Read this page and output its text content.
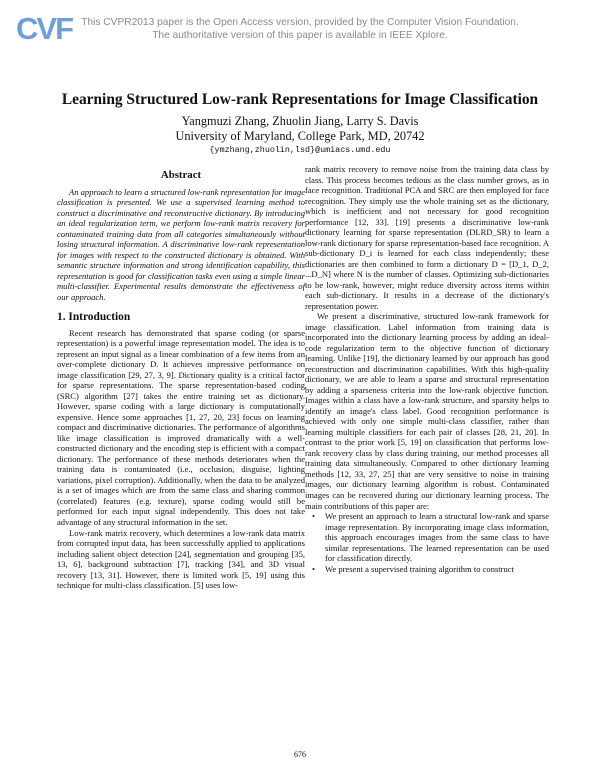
CVF This CVPR2013 paper is the Open Access version, provided by the Computer Vision Foundation.
The authoritative version of this paper is available in IEEE Xplore.
Learning Structured Low-rank Representations for Image Classification
Yangmuzi Zhang, Zhuolin Jiang, Larry S. Davis
University of Maryland, College Park, MD, 20742
{ymzhang,zhuolin,lsd}@umiacs.umd.edu
Abstract

An approach to learn a structured low-rank representation for image classification is presented. We use a supervised learning method to construct a discriminative and reconstructive dictionary. By introducing an ideal regularization term, we perform low-rank matrix recovery for contaminated training data from all categories simultaneously without losing structural information. A discriminative low-rank representation for images with respect to the constructed dictionary is obtained. With semantic structure information and strong identification capability, this representation is good for classification tasks even using a simple linear multi-classifier. Experimental results demonstrate the effectiveness of our approach.

1. Introduction

Recent research has demonstrated that sparse coding (or sparse representation) is a powerful image representation model. The idea is to represent an input signal as a linear combination of a few items from an over-complete dictionary D. It achieves impressive performance on image classification [29, 27, 3, 9]. Dictionary quality is a critical factor for sparse representations. The sparse representation-based coding (SRC) algorithm [27] takes the entire training set as dictionary. However, sparse coding with a large dictionary is computationally expensive. Hence some approaches [1, 27, 20, 23] focus on learning compact and discriminative dictionaries. The performance of algorithms like image classification is improved dramatically with a well-constructed dictionary and the encoding step is efficient with a compact dictionary. The performance of these methods deteriorates when the training data is contaminated (i.e., occlusion, disguise, lighting variations, pixel corruption). Additionally, when the data to be analyzed is a set of images which are from the same class and sharing common (correlated) features (e.g. texture), sparse coding would still be performed for each input signal independently. This does not take advantage of any structural information in the set.

Low-rank matrix recovery, which determines a low-rank data matrix from corrupted input data, has been successfully applied to applications including salient object detection [24], segmentation and grouping [35, 13, 6], background subtraction [7], tracking [34], and 3D visual recovery [13, 31]. However, there is limited work [5, 19] using this technique for multi-class classification. [5] uses low-

rank matrix recovery to remove noise from the training data class by class. This process becomes tedious as the class number grows, as in face recognition. Traditional PCA and SRC are then employed for face recognition. They simply use the whole training set as the dictionary, which is inefficient and not necessary for good recognition performance [12, 33]. [19] presents a discriminative low-rank dictionary learning for sparse representation (DLRD_SR) to learn a low-rank dictionary for sparse representation-based face recognition. A sub-dictionary D_i is learned for each class independently; these dictionaries are then combined to form a dictionary D = [D_1, D_2, ...D_N] where N is the number of classes. Optimizing sub-dictionaries to be low-rank, however, might reduce diversity across items within each sub-dictionary. It results in a decrease of the dictionary's representation power.

We present a discriminative, structured low-rank framework for image classification. Label information from training data is incorporated into the dictionary learning process by adding an ideal-code regularization term to the objective function of dictionary learning. Unlike [19], the dictionary learned by our approach has good reconstruction and discrimination capabilities. With this high-quality dictionary, we are able to learn a sparse and structural representation by adding a sparseness criteria into the low-rank objective function. Images within a class have a low-rank structure, and sparsity helps to identify an image's class label. Good recognition performance is achieved with only one simple multi-class classifier, rather than learning multiple classifiers for each pair of classes [28, 21, 20]. In contrast to the prior work [5, 19] on classification that performs low-rank recovery class by class during training, our method processes all training data simultaneously. Compared to other dictionary learning methods [12, 33, 27, 25] that are very sensitive to noise in training images, our dictionary learning algorithm is robust. Contaminated images can be recovered during our dictionary learning process. The main contributions of this paper are:

• We present an approach to learn a structural low-rank and sparse image representation. By incorporating image class information, this approach encourages images from the same class to have similar representations. The learned representation can be used for classification directly.
• We present a supervised training algorithm to construct
676
